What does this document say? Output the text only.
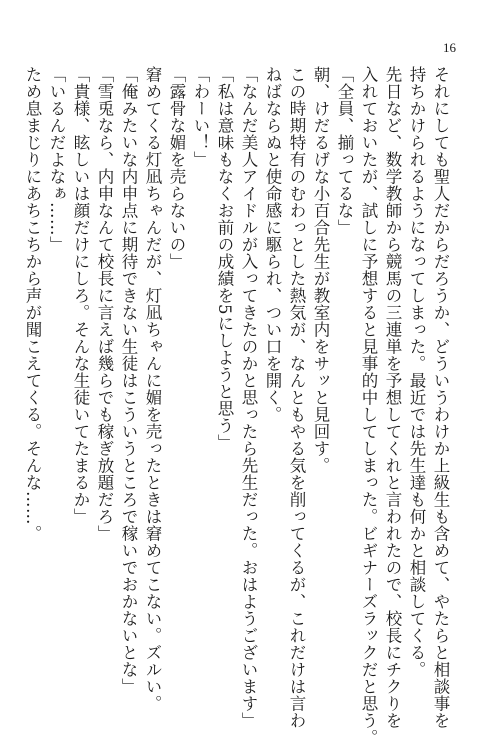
16
それにしても聖人だからだろうか、どういうわけか上級生も含めて、やたらと相談事を
持ちかけられるようになってしまった。最近では先生達も何かと相談してくる。
先日など、数学教師から競馬の三連単を予想してくれと言われたので、校長にチクりを
入れておいたが、試しに予想すると見事的中してしまった。ビギナーズラックだと思う。
「全員、揃ってるな」
朝、けだるげな小百合先生が教室内をサッと見回す。
この時期特有のむわっとした熱気が、なんともやる気を削ってくるが、これだけは言わ
ねばならぬと使命感に駆られ、つい口を開く。
「なんだ美人アイドルが入ってきたのかと思ったら先生だった。おはようございます」
「私は意味もなくお前の成績を5にしようと思う」
「わーい！」
「露骨な媚を売らないの」
窘めてくる灯凪ちゃんだが、灯凪ちゃんに媚を売ったときは窘めてこない。ズルい。
「俺みたいな内申点に期待できない生徒はこういうところで稼いでおかないとな」
「雪兎なら、内申なんて校長に言えば幾らでも稼ぎ放題だろ」
「貴様、眩しいは顔だけにしろ。そんな生徒いてたまるか」
「いるんだよなぁ……」
ため息まじりにあちこちから声が聞こえてくる。そんな……。
